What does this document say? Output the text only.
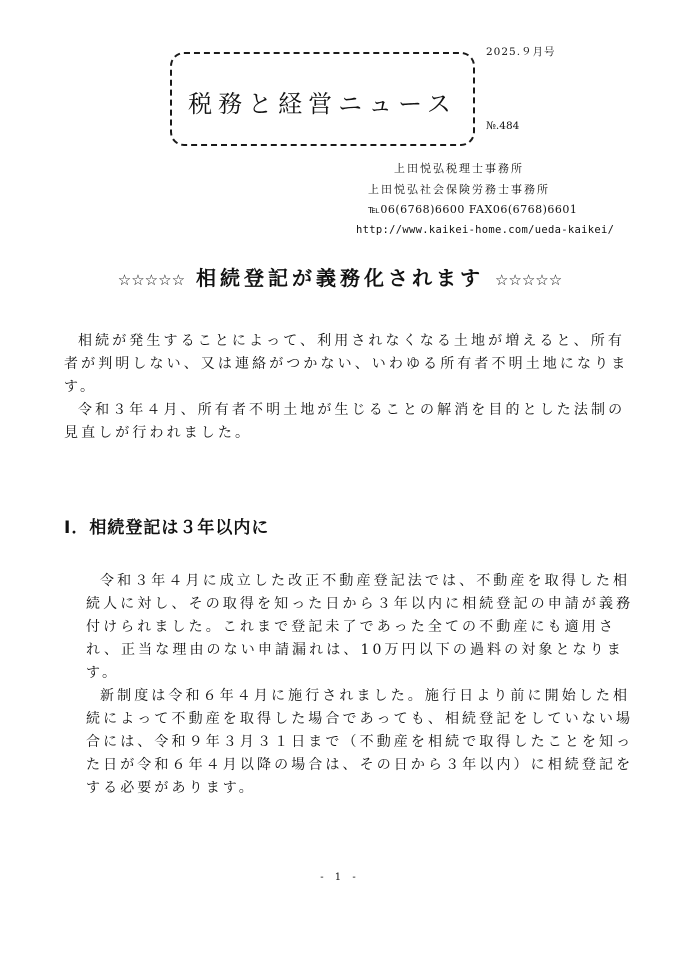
税務と経営ニュース
2025.９月号
№.484
上田悦弘税理士事務所
上田悦弘社会保険労務士事務所
℡06(6768)6600 FAX06(6768)6601
http://www.kaikei-home.com/ueda-kaikei/
☆☆☆☆☆ 相続登記が義務化されます ☆☆☆☆☆

相続が発生することによって、利用されなくなる土地が増えると、所有者が判明しない、又は連絡がつかない、いわゆる所有者不明土地になります。

令和３年４月、所有者不明土地が生じることの解消を目的とした法制の見直しが行われました。

Ⅰ．相続登記は３年以内に

令和３年４月に成立した改正不動産登記法では、不動産を取得した相続人に対し、その取得を知った日から３年以内に相続登記の申請が義務付けられました。これまで登記未了であった全ての不動産にも適用され、正当な理由のない申請漏れは、10万円以下の過料の対象となります。

新制度は令和６年４月に施行されました。施行日より前に開始した相続によって不動産を取得した場合であっても、相続登記をしていない場合には、令和９年３月３１日まで（不動産を相続で取得したことを知った日が令和６年４月以降の場合は、その日から３年以内）に相続登記をする必要があります。

- 1 -
